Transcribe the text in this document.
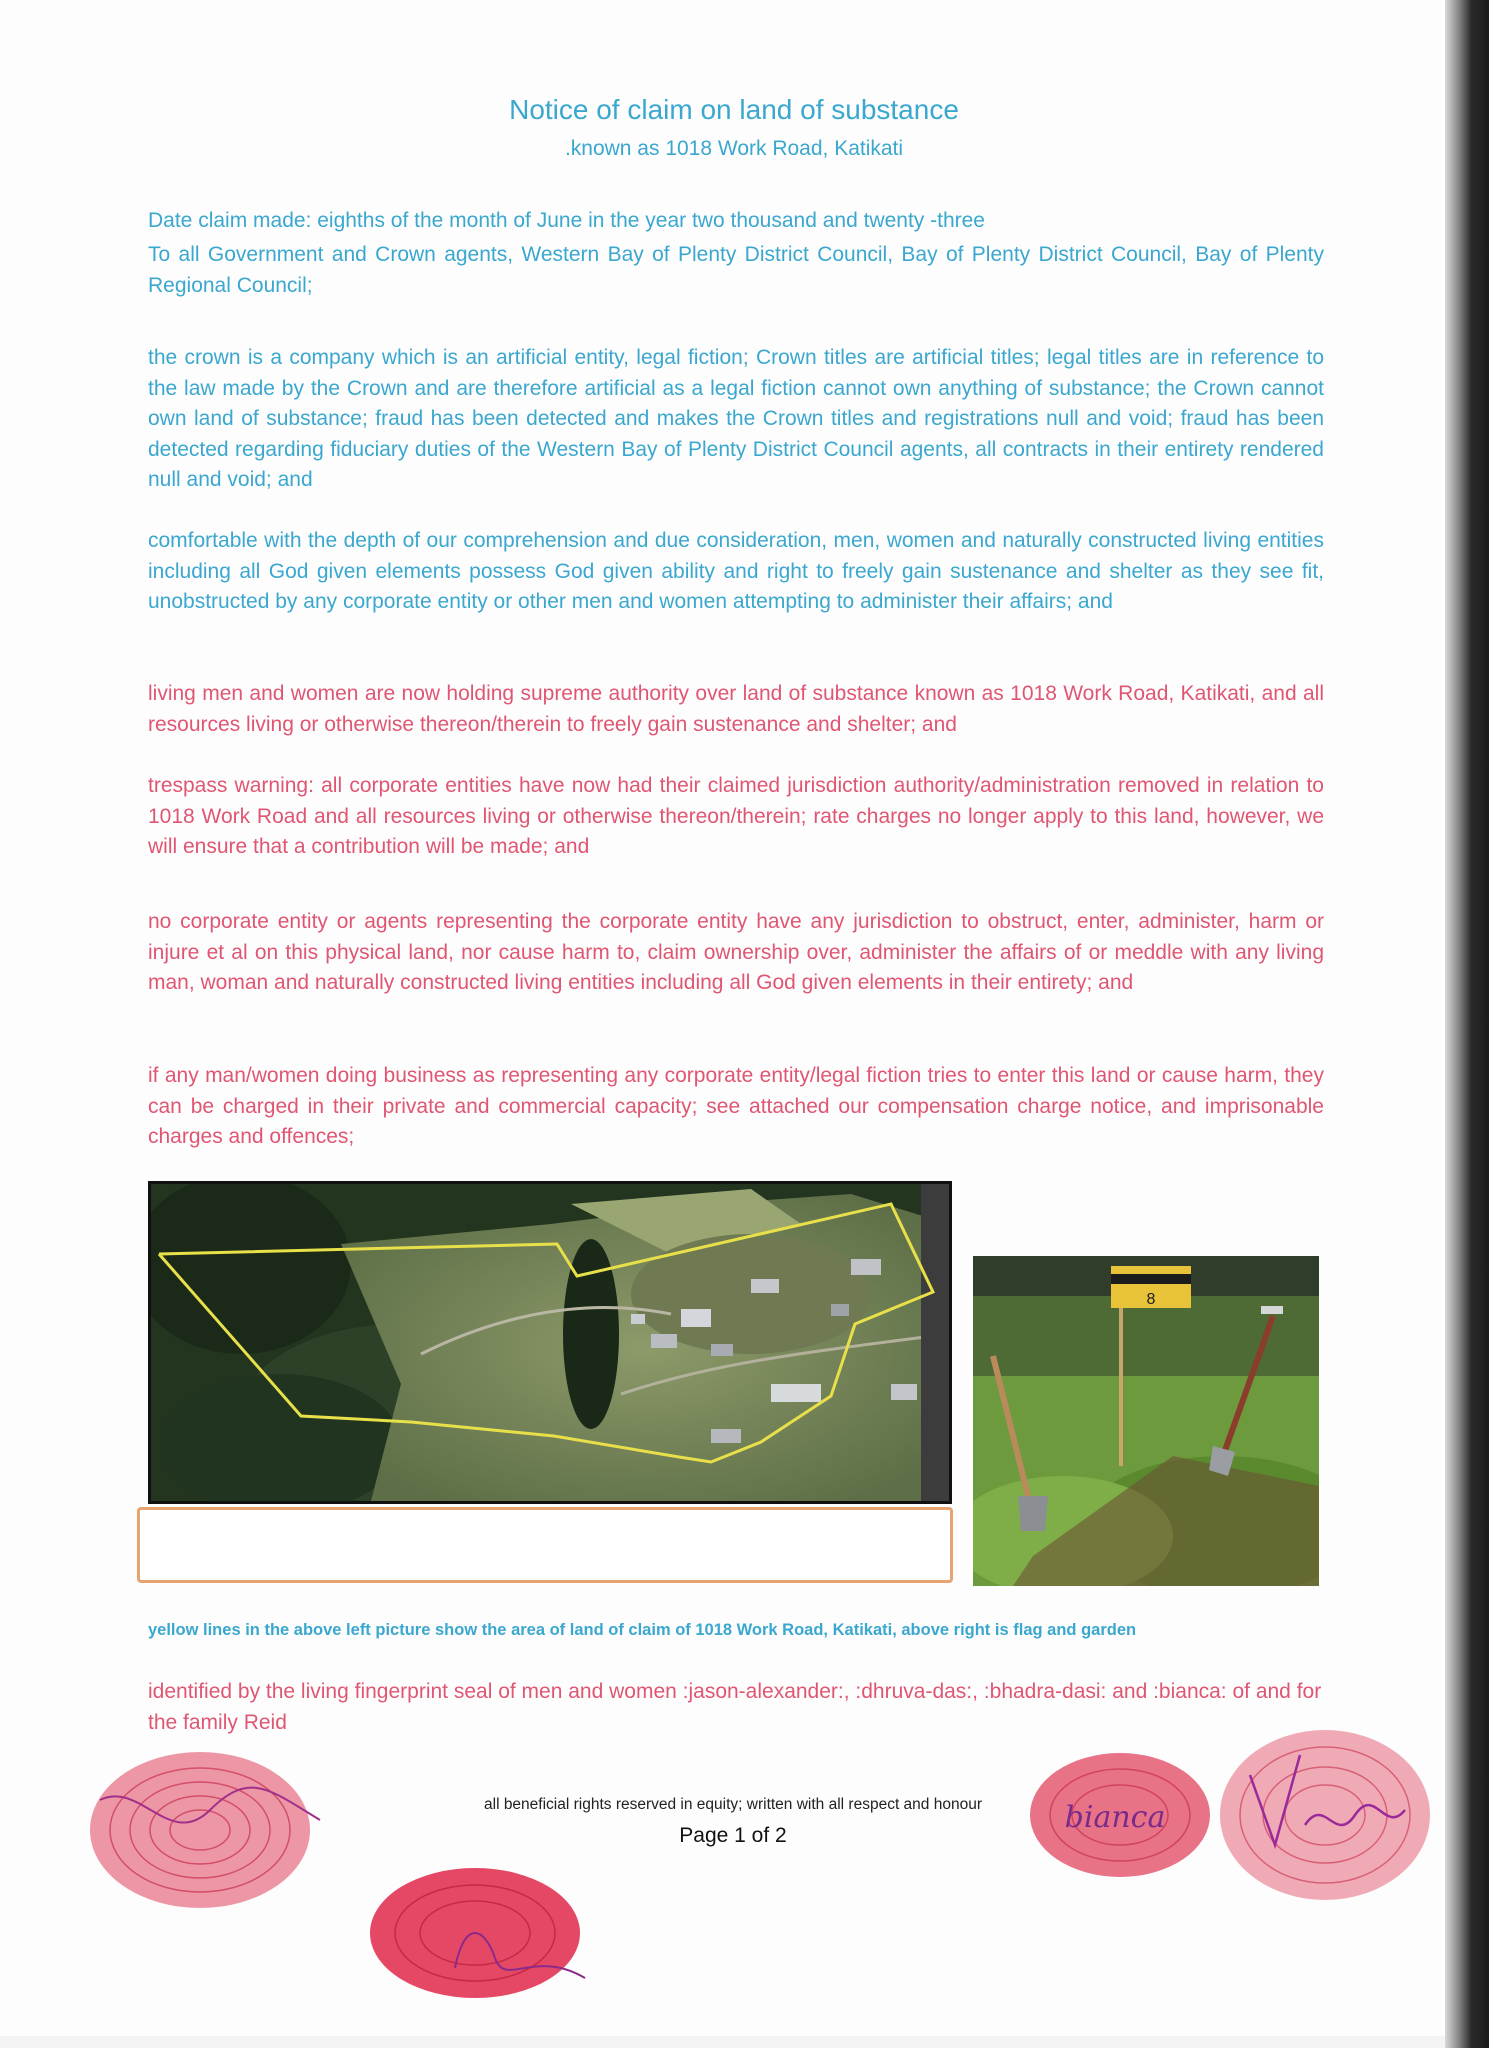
Notice of claim on land of substance
.known as 1018 Work Road, Katikati
Date claim made: eighths of the month of June in the year two thousand and twenty -three

To all Government and Crown agents, Western Bay of Plenty District Council, Bay of Plenty District Council, Bay of Plenty Regional Council;

the crown is a company which is an artificial entity, legal fiction; Crown titles are artificial titles; legal titles are in reference to the law made by the Crown and are therefore artificial as a legal fiction cannot own anything of substance; the Crown cannot own land of substance; fraud has been detected and makes the Crown titles and registrations null and void; fraud has been detected regarding fiduciary duties of the Western Bay of Plenty District Council agents, all contracts in their entirety rendered null and void; and

comfortable with the depth of our comprehension and due consideration, men, women and naturally constructed living entities including all God given elements possess God given ability and right to freely gain sustenance and shelter as they see fit, unobstructed by any corporate entity or other men and women attempting to administer their affairs; and

living men and women are now holding supreme authority over land of substance known as 1018 Work Road, Katikati, and all resources living or otherwise thereon/therein to freely gain sustenance and shelter; and

trespass warning: all corporate entities have now had their claimed jurisdiction authority/administration removed in relation to 1018 Work Road and all resources living or otherwise thereon/therein; rate charges no longer apply to this land, however, we will ensure that a contribution will be made; and

no corporate entity or agents representing the corporate entity have any jurisdiction to obstruct, enter, administer, harm or injure et al on this physical land, nor cause harm to, claim ownership over, administer the affairs of or meddle with any living man, woman and naturally constructed living entities including all God given elements in their entirety; and

if any man/women doing business as representing any corporate entity/legal fiction tries to enter this land or cause harm, they can be charged in their private and commercial capacity; see attached our compensation charge notice, and imprisonable charges and offences;

8
yellow lines in the above left picture show the area of land of claim of 1018 Work Road, Katikati, above right is flag and garden
identified by the living fingerprint seal of men and women :jason-alexander:, :dhruva-das:, :bhadra-dasi: and :bianca: of and for the family Reid
all beneficial rights reserved in equity; written with all respect and honour
Page 1 of 2
bianca
